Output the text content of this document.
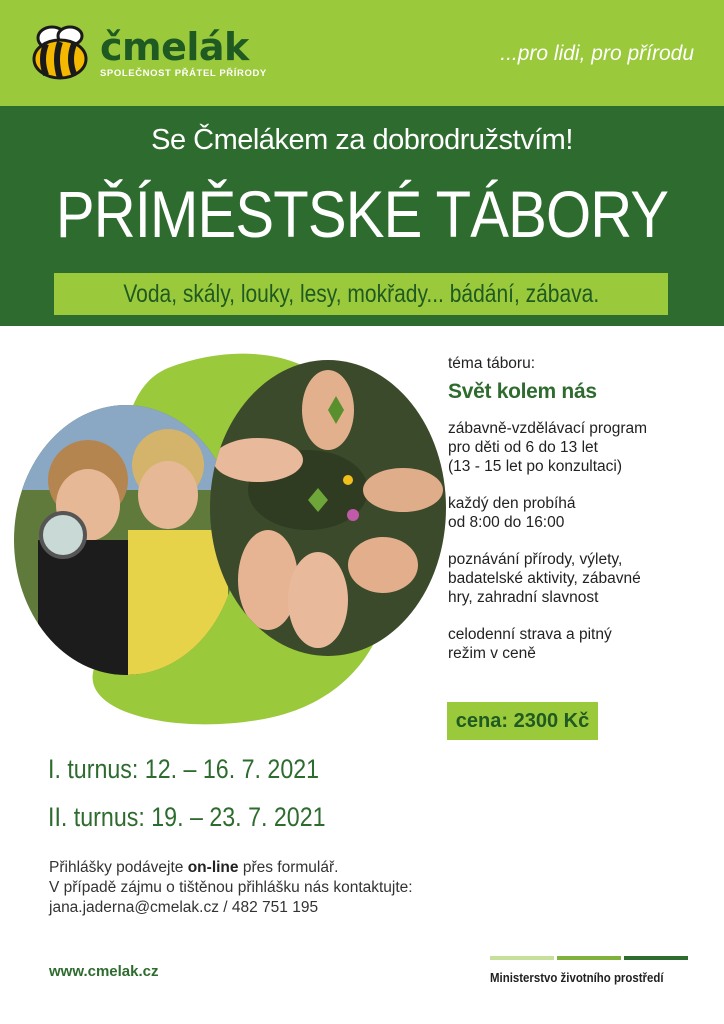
čmelák
SPOLEČNOST PŘÁTEL PŘÍRODY
...pro lidi, pro přírodu
Se Čmelákem za dobrodružstvím!
PŘÍMĚSTSKÉ TÁBORY
Voda, skály, louky, lesy, mokřady... bádání, zábava.

téma táboru:

Svět kolem nás

zábavně-vzdělávací program

pro děti od 6 do 13 let

(13 - 15 let po konzultaci)

každý den probíhá

od 8:00 do 16:00

poznávání přírody, výlety,

badatelské aktivity, zábavné

hry, zahradní slavnost

celodenní strava a pitný

režim v ceně

cena: 2300 Kč
I. turnus: 12. – 16. 7. 2021
II. turnus: 19. – 23. 7. 2021
Přihlášky podávejte on-line přes formulář.
V případě zájmu o tištěnou přihlášku nás kontaktujte:
jana.jaderna@cmelak.cz / 482 751 195
www.cmelak.cz	Ministerstvo životního prostředí
